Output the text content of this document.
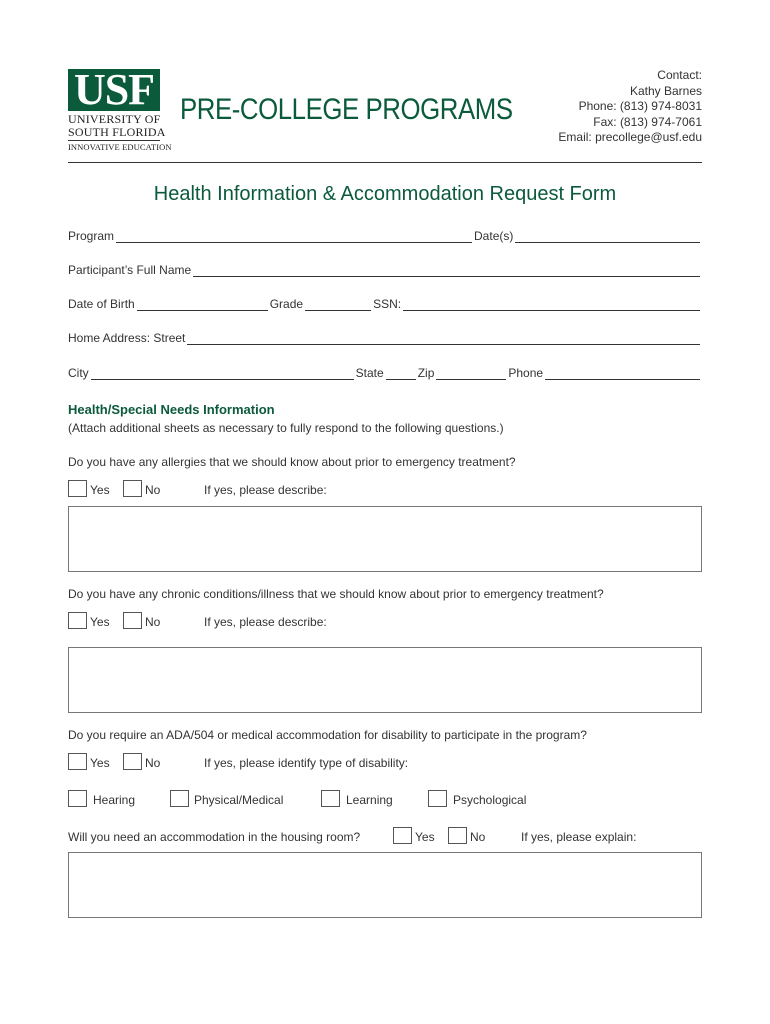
USF
UNIVERSITY OF
SOUTH FLORIDA
INNOVATIVE EDUCATION
PRE-COLLEGE PROGRAMS
Contact:
Kathy Barnes
Phone: (813) 974-8031
Fax: (813) 974-7061
Email: precollege@usf.edu
Health Information & Accommodation Request Form
Program	Date(s)
Participant’s Full Name
Date of Birth	Grade	SSN:
Home Address: Street
City	State	Zip	Phone
Health/Special Needs Information
(Attach additional sheets as necessary to fully respond to the following questions.)
Do you have any allergies that we should know about prior to emergency treatment?
Yes	No	If yes, please describe:
Do you have any chronic conditions/illness that we should know about prior to emergency treatment?
Yes	No	If yes, please describe:
Do you require an ADA/504 or medical accommodation for disability to participate in the program?
Yes	No	If yes, please identify type of disability:
Hearing	Physical/Medical	Learning	Psychological
Will you need an accommodation in the housing room?	Yes	No	If yes, please explain:
